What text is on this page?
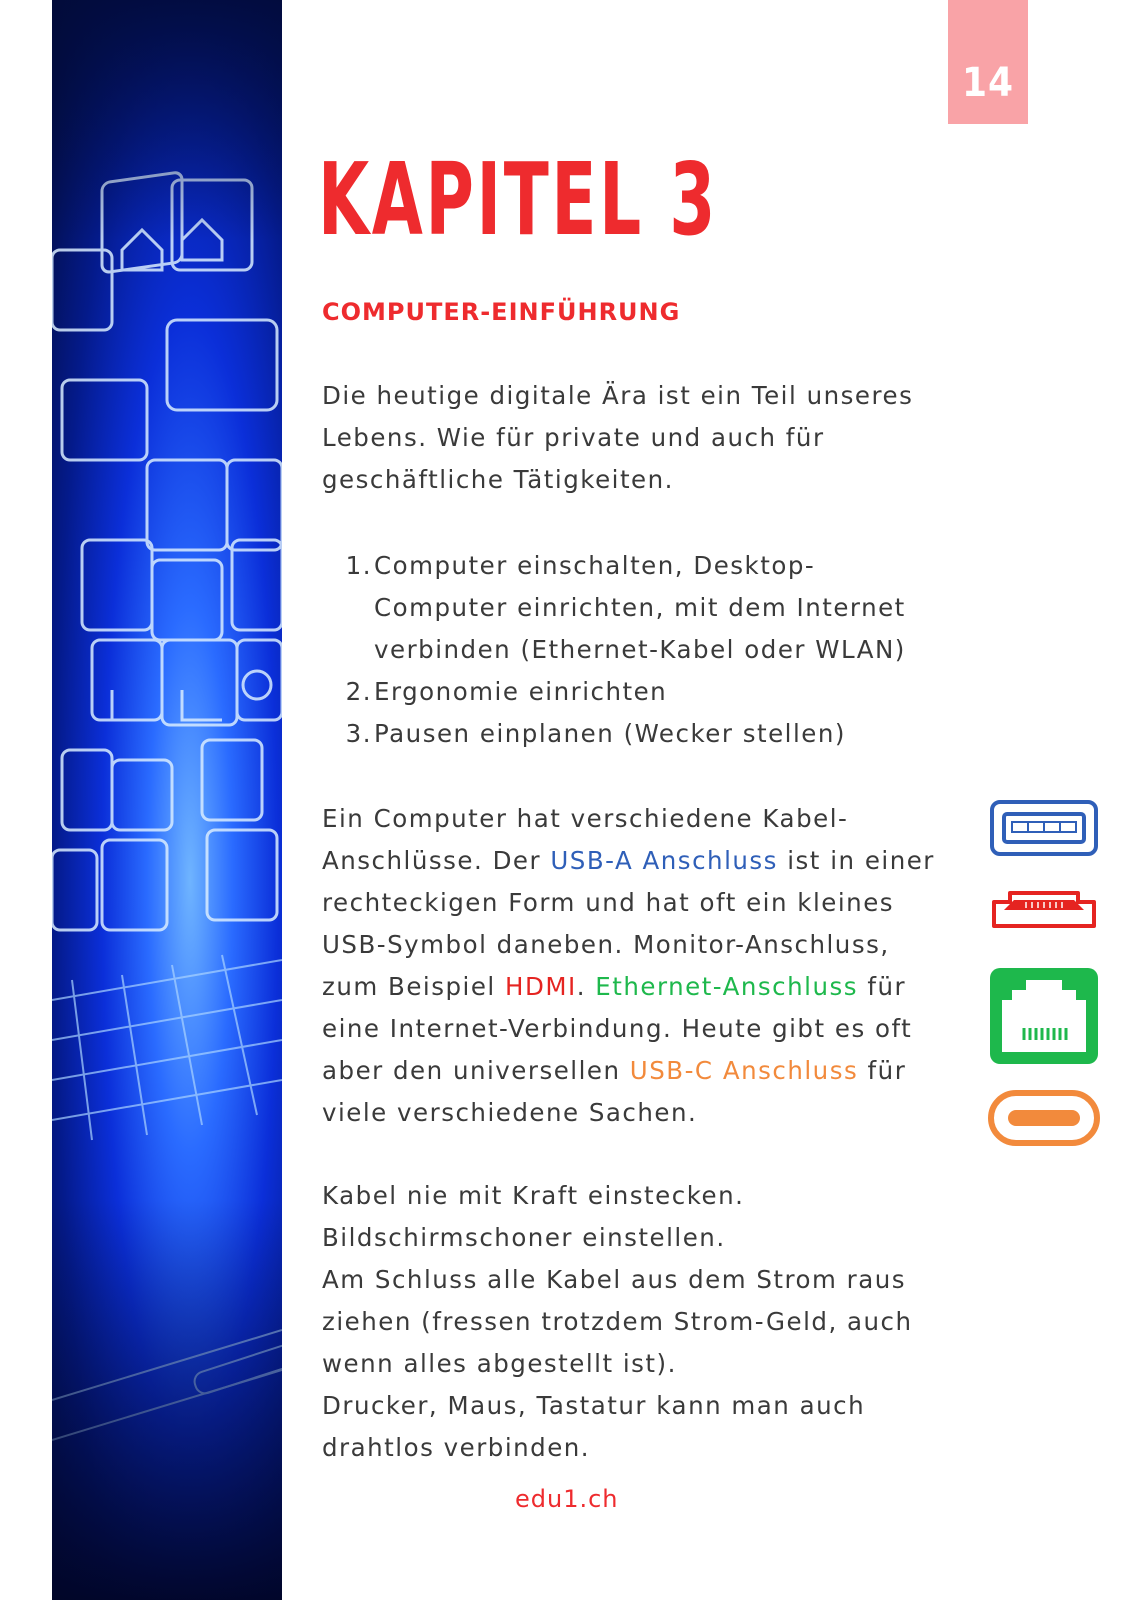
14
KAPITEL 3
COMPUTER-EINFÜHRUNG
Die heutige digitale Ära ist ein Teil unseres
Lebens. Wie für private und auch für
geschäftliche Tätigkeiten.
1. Computer einschalten, Desktop-
Computer einrichten, mit dem Internet
verbinden (Ethernet-Kabel oder WLAN)
2. Ergonomie einrichten
3. Pausen einplanen (Wecker stellen)
Ein Computer hat verschiedene Kabel-
Anschlüsse. Der USB-A Anschluss ist in einer
rechteckigen Form und hat oft ein kleines
USB-Symbol daneben. Monitor-Anschluss,
zum Beispiel HDMI. Ethernet-Anschluss für
eine Internet-Verbindung. Heute gibt es oft
aber den universellen USB-C Anschluss für
viele verschiedene Sachen.
Kabel nie mit Kraft einstecken.
Bildschirmschoner einstellen.
Am Schluss alle Kabel aus dem Strom raus
ziehen (fressen trotzdem Strom-Geld, auch
wenn alles abgestellt ist).
Drucker, Maus, Tastatur kann man auch
drahtlos verbinden.
edu1.ch
